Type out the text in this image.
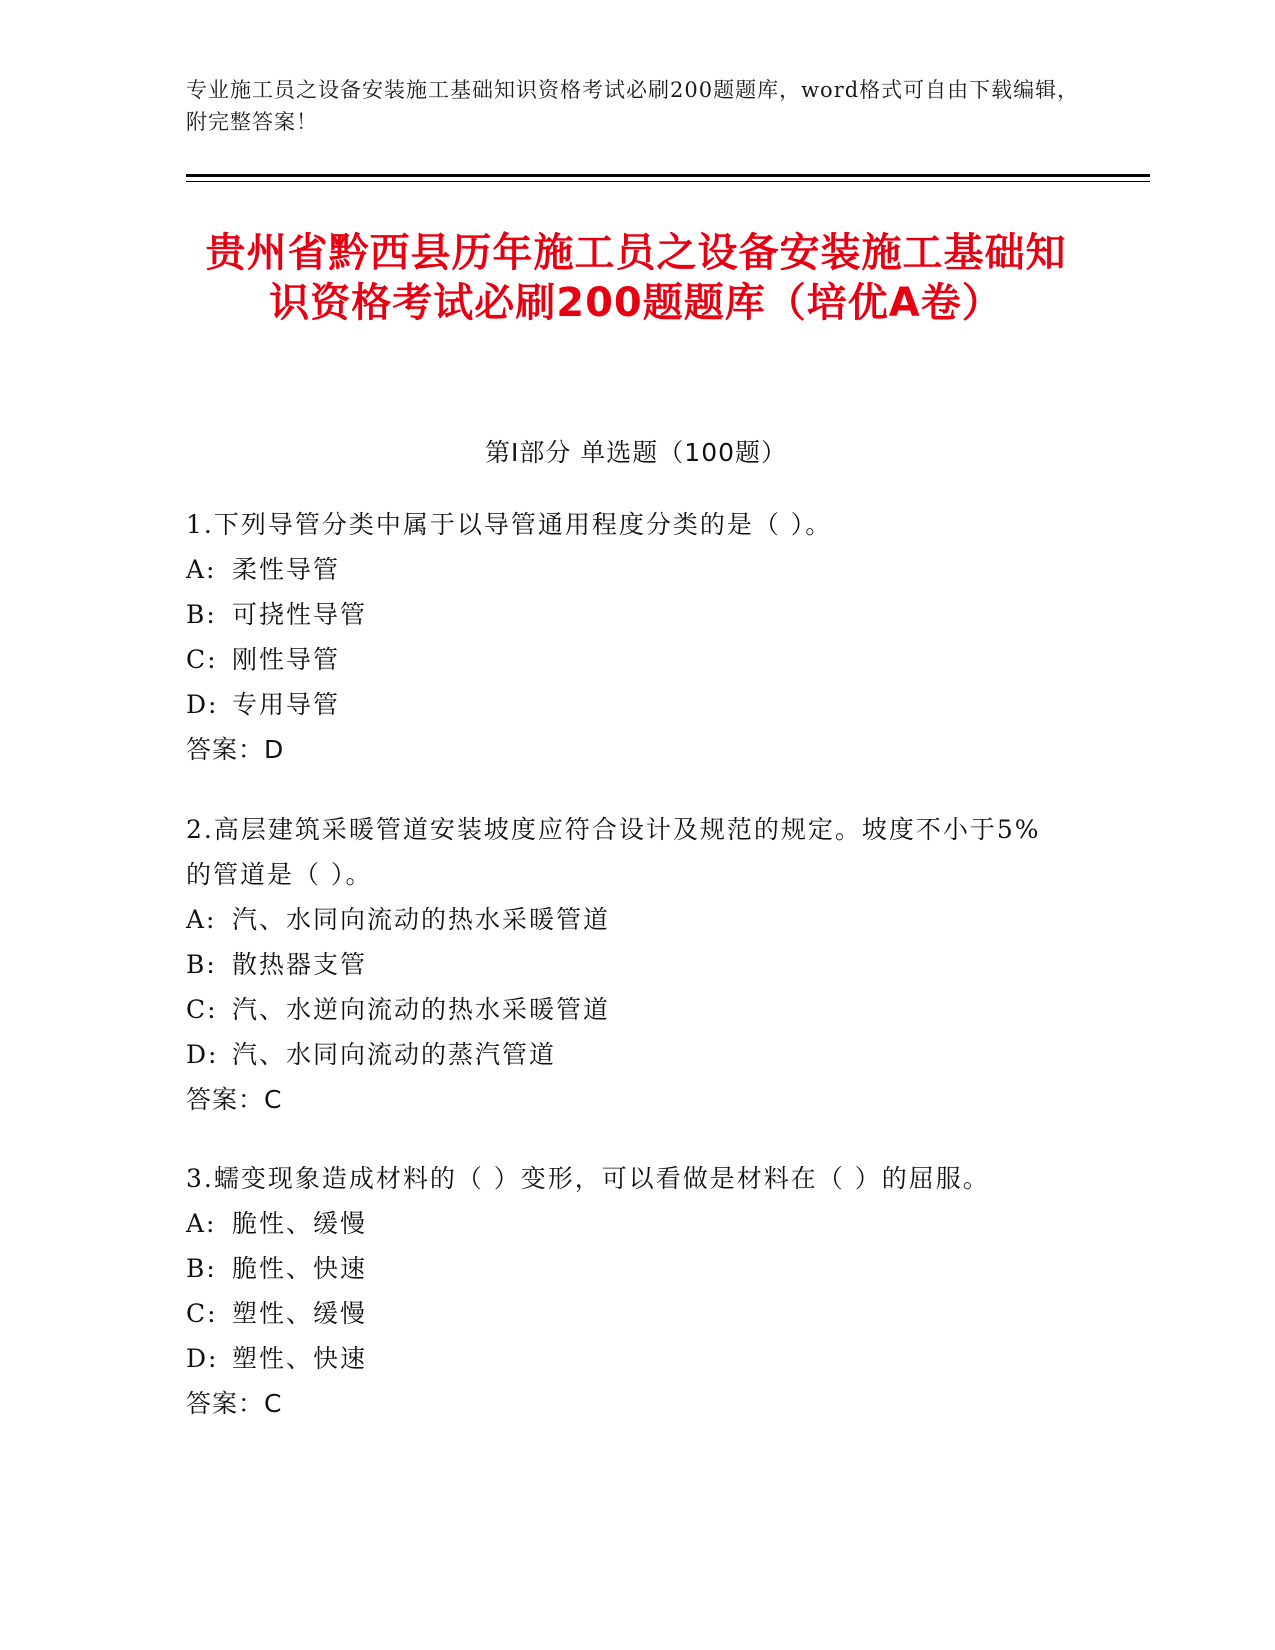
专业施工员之设备安装施工基础知识资格考试必刷200题题库，word格式可自由下载编辑，附完整答案！
贵州省黔西县历年施工员之设备安装施工基础知识资格考试必刷200题题库（培优A卷）
第I部分 单选题（100题）
1.下列导管分类中属于以导管通用程度分类的是（ ）。
A: 柔性导管
B: 可挠性导管
C: 刚性导管
D: 专用导管
答案：D
2.高层建筑采暖管道安装坡度应符合设计及规范的规定。坡度不小于5%的管道是（ ）。
A: 汽、水同向流动的热水采暖管道
B: 散热器支管
C: 汽、水逆向流动的热水采暖管道
D: 汽、水同向流动的蒸汽管道
答案：C
3.蠕变现象造成材料的（ ）变形，可以看做是材料在（ ）的屈服。
A: 脆性、缓慢
B: 脆性、快速
C: 塑性、缓慢
D: 塑性、快速
答案：C
